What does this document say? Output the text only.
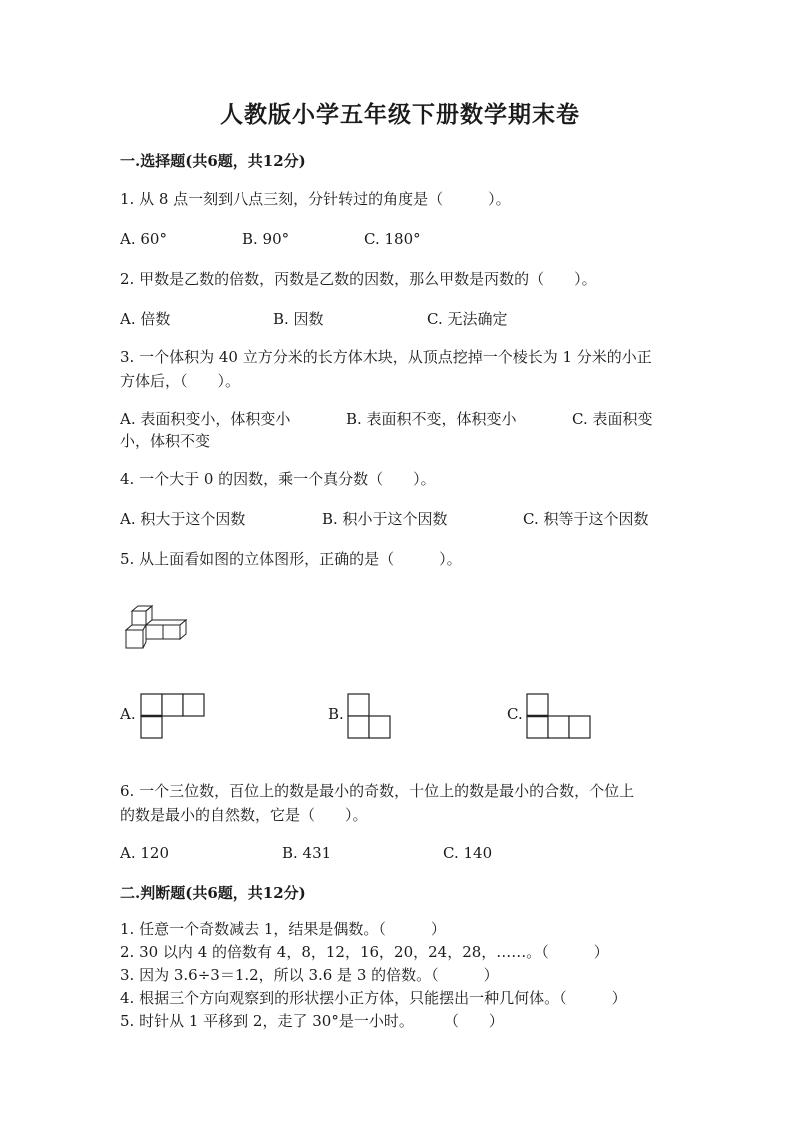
人教版小学五年级下册数学期末卷
一.选择题(共6题，共12分)
1. 从 8 点一刻到八点三刻，分针转过的角度是（　　　）。
A. 60°	B. 90°	C. 180°
2. 甲数是乙数的倍数，丙数是乙数的因数，那么甲数是丙数的（　　）。
A. 倍数	B. 因数	C. 无法确定
3. 一个体积为 40 立方分米的长方体木块，从顶点挖掉一个棱长为 1 分米的小正
方体后，（　　）。
A. 表面积变小，体积变小	B. 表面积不变，体积变小	C. 表面积变
小，体积不变
4. 一个大于 0 的因数，乘一个真分数（　　）。
A. 积大于这个因数	B. 积小于这个因数	C. 积等于这个因数
5. 从上面看如图的立体图形，正确的是（　　　）。
A.	B.	C.
6. 一个三位数，百位上的数是最小的奇数，十位上的数是最小的合数，个位上
的数是最小的自然数，它是（　　）。
A. 120	B. 431	C. 140
二.判断题(共6题，共12分)
1. 任意一个奇数减去 1，结果是偶数。（　　　）
2. 30 以内 4 的倍数有 4，8，12，16，20，24，28，……。（　　　）
3. 因为 3.6÷3＝1.2，所以 3.6 是 3 的倍数。（　　　）
4. 根据三个方向观察到的形状摆小正方体，只能摆出一种几何体。（　　　）
5. 时针从 1 平移到 2，走了 30°是一小时。　　　（　　）
